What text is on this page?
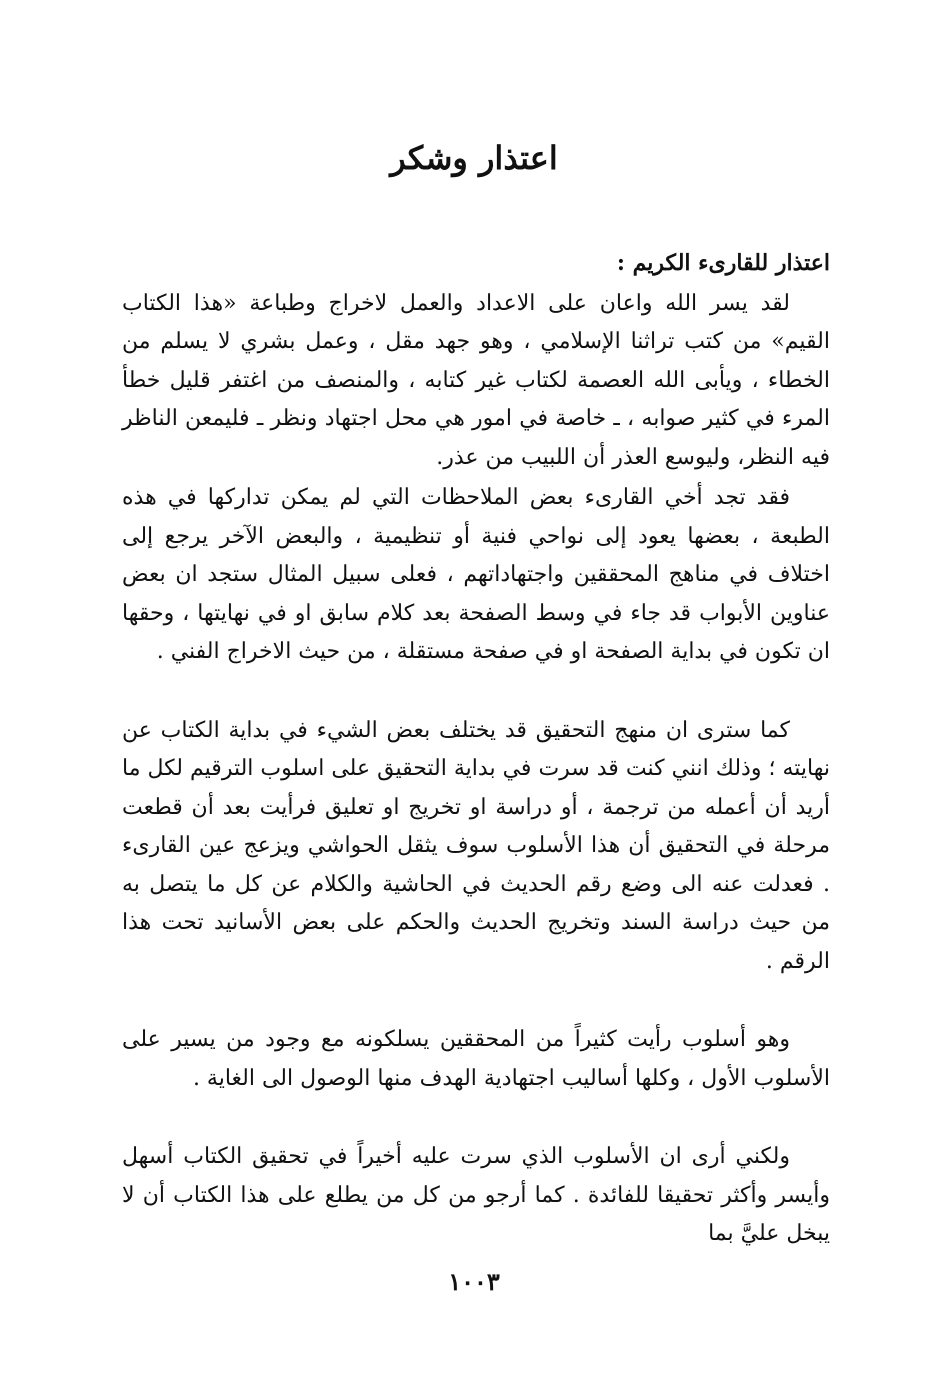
اعتذار وشكر

اعتذار للقارىء الكريم :

لقد يسر الله واعان على الاعداد والعمل لاخراج وطباعة «هذا الكتاب القيم» من كتب تراثنا الإسلامي ، وهو جهد مقل ، وعمل بشري لا يسلم من الخطاء ، ويأبى الله العصمة لكتاب غير كتابه ، والمنصف من اغتفر قليل خطأ المرء في كثير صوابه ، ـ خاصة في امور هي محل اجتهاد ونظر ـ فليمعن الناظر فيه النظر، وليوسع العذر أن اللبيب من عذر.

فقد تجد أخي القارىء بعض الملاحظات التي لم يمكن تداركها في هذه الطبعة ، بعضها يعود إلى نواحي فنية أو تنظيمية ، والبعض الآخر يرجع إلى اختلاف في مناهج المحققين واجتهاداتهم ، فعلى سبيل المثال ستجد ان بعض عناوين الأبواب قد جاء في وسط الصفحة بعد كلام سابق او في نهايتها ، وحقها ان تكون في بداية الصفحة او في صفحة مستقلة ، من حيث الاخراج الفني .

كما سترى ان منهج التحقيق قد يختلف بعض الشيء في بداية الكتاب عن نهايته ؛ وذلك انني كنت قد سرت في بداية التحقيق على اسلوب الترقيم لكل ما أريد أن أعمله من ترجمة ، أو دراسة او تخريج او تعليق فرأيت بعد أن قطعت مرحلة في التحقيق أن هذا الأسلوب سوف يثقل الحواشي ويزعج عين القارىء . فعدلت عنه الى وضع رقم الحديث في الحاشية والكلام عن كل ما يتصل به من حيث دراسة السند وتخريج الحديث والحكم على بعض الأسانيد تحت هذا الرقم .

وهو أسلوب رأيت كثيراً من المحققين يسلكونه مع وجود من يسير على الأسلوب الأول ، وكلها أساليب اجتهادية الهدف منها الوصول الى الغاية .

ولكني أرى ان الأسلوب الذي سرت عليه أخيراً في تحقيق الكتاب أسهل وأيسر وأكثر تحقيقا للفائدة . كما أرجو من كل من يطلع على هذا الكتاب أن لا يبخل عليَّ بما

١٠٠٣
